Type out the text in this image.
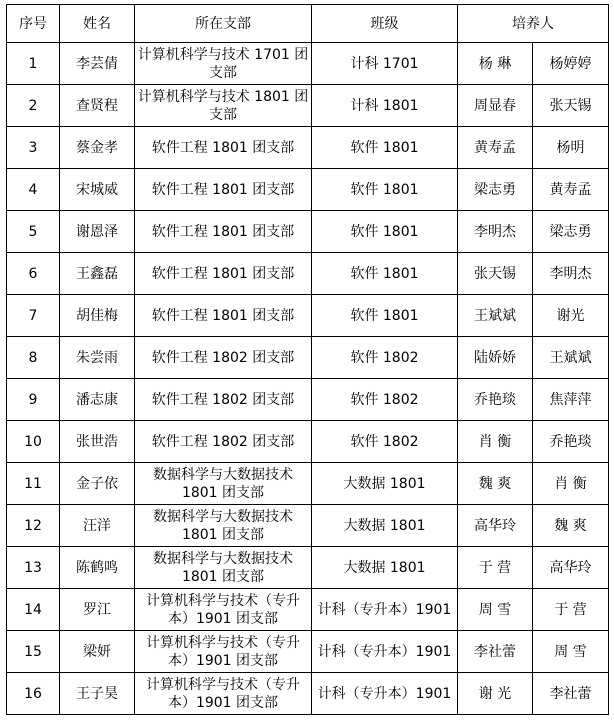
序号	姓名	所在支部	班级	培养人	
1	李芸倩	计算机科学与技术 1701 团支部	计科 1701	杨 琳	杨婷婷
2	查贤程	计算机科学与技术 1801 团支部	计科 1801	周显春	张天锡
3	蔡金孝	软件工程 1801 团支部	软件 1801	黄寿孟	杨明
4	宋城威	软件工程 1801 团支部	软件 1801	梁志勇	黄寿孟
5	谢恩泽	软件工程 1801 团支部	软件 1801	李明杰	梁志勇
6	王鑫磊	软件工程 1801 团支部	软件 1801	张天锡	李明杰
7	胡佳梅	软件工程 1801 团支部	软件 1801	王斌斌	谢光
8	朱尝雨	软件工程 1802 团支部	软件 1802	陆娇娇	王斌斌
9	潘志康	软件工程 1802 团支部	软件 1802	乔艳琰	焦萍萍
10	张世浩	软件工程 1802 团支部	软件 1802	肖 衡	乔艳琰
11	金子依	数据科学与大数据技术 1801 团支部	大数据 1801	魏 爽	肖 衡
12	汪洋	数据科学与大数据技术 1801 团支部	大数据 1801	高华玲	魏 爽
13	陈鹤鸣	数据科学与大数据技术 1801 团支部	大数据 1801	于 营	高华玲
14	罗江	计算机科学与技术（专升本）1901 团支部	计科（专升本）1901	周 雪	于 营
15	梁妍	计算机科学与技术（专升本）1901 团支部	计科（专升本）1901	李社蕾	周 雪
16	王子昊	计算机科学与技术（专升本）1901 团支部	计科（专升本）1901	谢 光	李社蕾
